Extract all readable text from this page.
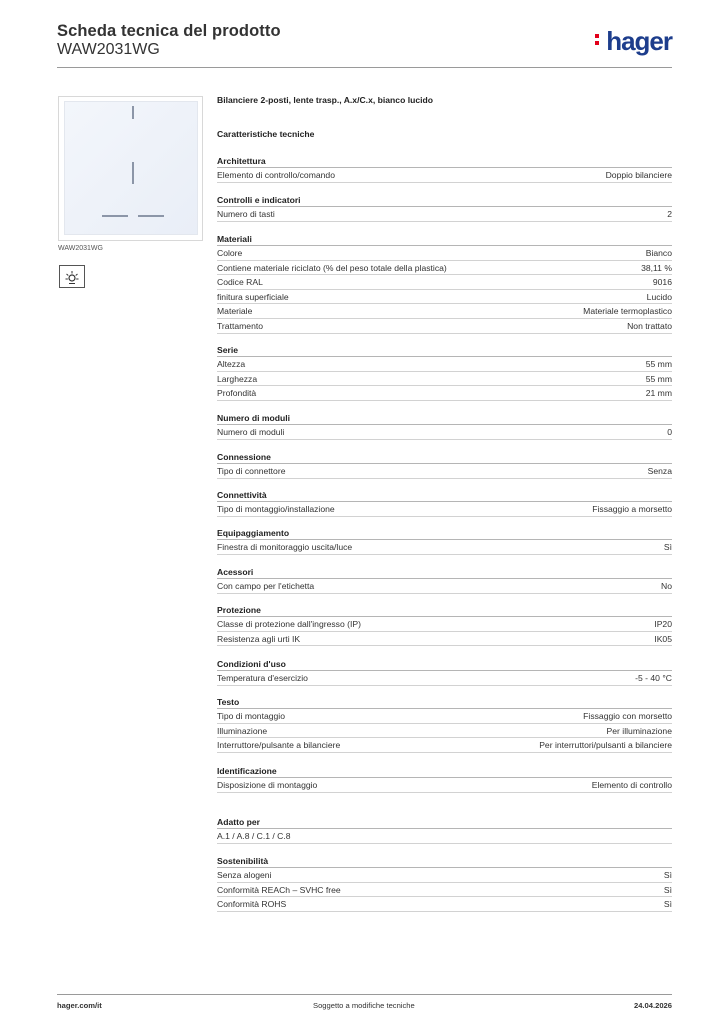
Scheda tecnica del prodotto
WAW2031WG	hager
WAW2031WG
Bilanciere 2-posti, lente trasp., A.x/C.x, bianco lucido
Caratteristiche tecniche
Architettura
Elemento di controllo/comando	Doppio bilanciere
Controlli e indicatori
Numero di tasti	2
Materiali
Colore	Bianco
Contiene materiale riciclato (% del peso totale della plastica)	38,11 %
Codice RAL	9016
finitura superficiale	Lucido
Materiale	Materiale termoplastico
Trattamento	Non trattato
Serie
Altezza	55 mm
Larghezza	55 mm
Profondità	21 mm
Numero di moduli
Numero di moduli	0
Connessione
Tipo di connettore	Senza
Connettività
Tipo di montaggio/installazione	Fissaggio a morsetto
Equipaggiamento
Finestra di monitoraggio uscita/luce	Sì
Acessori
Con campo per l'etichetta	No
Protezione
Classe di protezione dall'ingresso (IP)	IP20
Resistenza agli urti IK	IK05
Condizioni d'uso
Temperatura d'esercizio	-5 - 40 °C
Testo
Tipo di montaggio	Fissaggio con morsetto
Illuminazione	Per illuminazione
Interruttore/pulsante a bilanciere	Per interruttori/pulsanti a bilanciere
Identificazione
Disposizione di montaggio	Elemento di controllo
Adatto per
A.1 / A.8 / C.1 / C.8
Sostenibilità
Senza alogeni	Sì
Conformità REACh – SVHC free	Sì
Conformità ROHS	Sì
hager.com/it	Soggetto a modifiche tecniche	24.04.2026
